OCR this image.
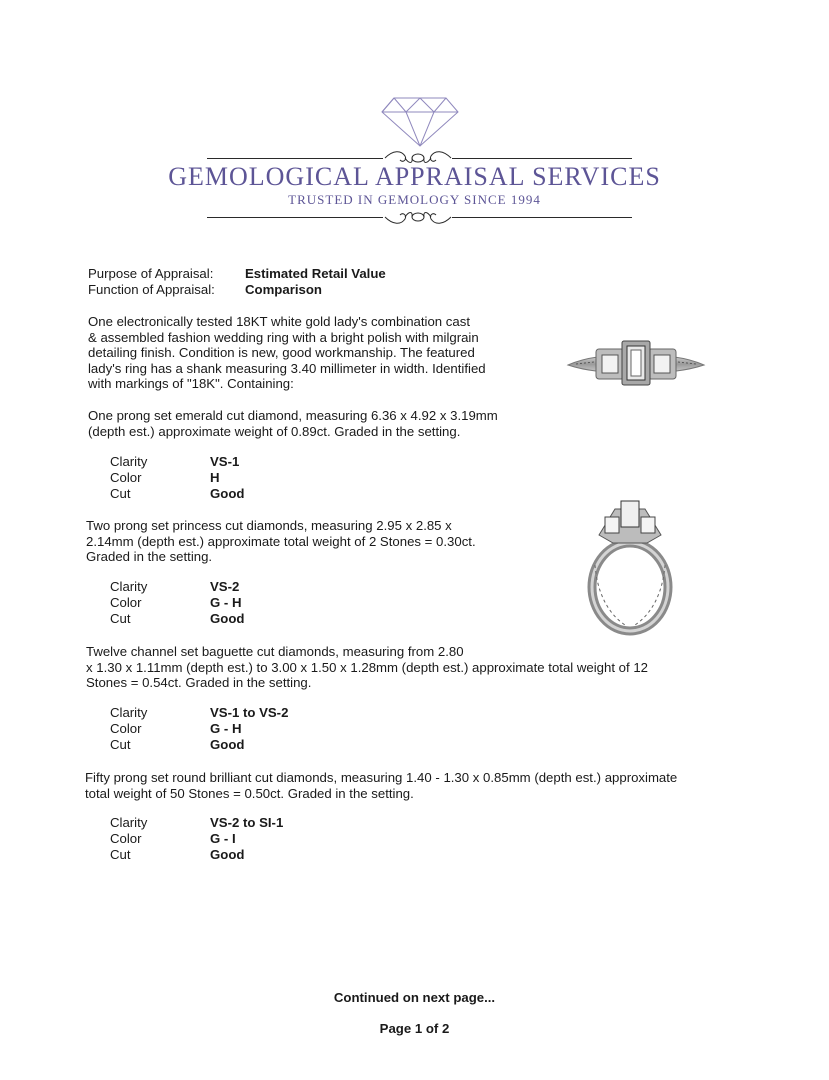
GEMOLOGICAL APPRAISAL SERVICES
TRUSTED IN GEMOLOGY SINCE 1994
Purpose of Appraisal:	Estimated Retail Value
Function of Appraisal:	Comparison
One electronically tested 18KT white gold lady's combination cast
& assembled fashion wedding ring with a bright polish with milgrain
detailing finish. Condition is new, good workmanship. The featured
lady's ring has a shank measuring 3.40 millimeter in width. Identified
with markings of "18K". Containing:
One prong set emerald cut diamond, measuring 6.36 x 4.92 x 3.19mm
(depth est.) approximate weight of 0.89ct. Graded in the setting.
Clarity	VS-1
Color	H
Cut	Good
Two prong set princess cut diamonds, measuring 2.95 x 2.85 x
2.14mm (depth est.) approximate total weight of 2 Stones = 0.30ct.
Graded in the setting.
Clarity	VS-2
Color	G - H
Cut	Good
Twelve channel set baguette cut diamonds, measuring from 2.80
x 1.30 x 1.11mm (depth est.) to 3.00 x 1.50 x 1.28mm (depth est.) approximate total weight of 12
Stones = 0.54ct. Graded in the setting.
Clarity	VS-1 to VS-2
Color	G - H
Cut	Good
Fifty prong set round brilliant cut diamonds, measuring 1.40 - 1.30 x 0.85mm (depth est.) approximate
total weight of 50 Stones = 0.50ct. Graded in the setting.
Clarity	VS-2 to SI-1
Color	G - I
Cut	Good
Continued on next page...
Page 1 of 2
